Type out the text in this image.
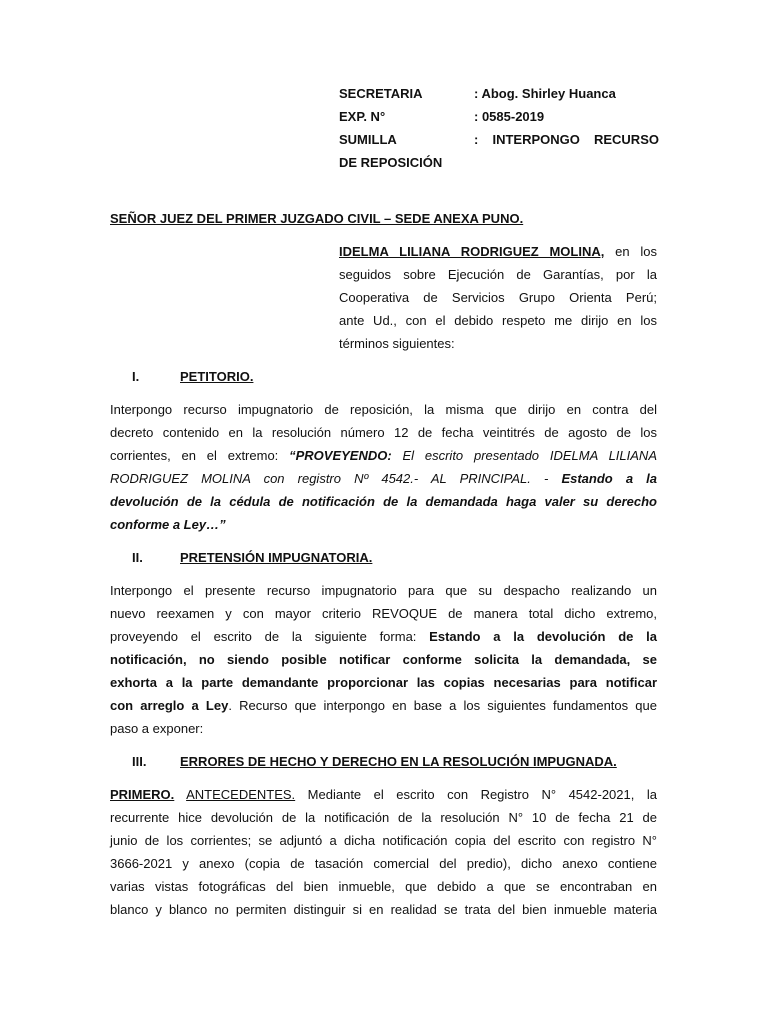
SECRETARIA	: Abog. Shirley Huanca
EXP. N°	: 0585-2019
SUMILLA	: INTERPONGO RECURSO
DE REPOSICIÓN
SEÑOR JUEZ DEL PRIMER JUZGADO CIVIL – SEDE ANEXA PUNO.
IDELMA LILIANA RODRIGUEZ MOLINA, en los
seguidos sobre Ejecución de Garantías, por la
Cooperativa de Servicios Grupo Orienta Perú;
ante Ud., con el debido respeto me dirijo en los
términos siguientes:
I.	PETITORIO.
Interpongo recurso impugnatorio de reposición, la misma que dirijo en contra del
decreto contenido en la resolución número 12 de fecha veintitrés de agosto de los
corrientes, en el extremo: “PROVEYENDO: El escrito presentado IDELMA LILIANA
RODRIGUEZ MOLINA con registro Nº 4542.- AL PRINCIPAL. - Estando a la
devolución de la cédula de notificación de la demandada haga valer su derecho
conforme a Ley…”
II.	PRETENSIÓN IMPUGNATORIA.
Interpongo el presente recurso impugnatorio para que su despacho realizando un
nuevo reexamen y con mayor criterio REVOQUE de manera total dicho extremo,
proveyendo el escrito de la siguiente forma: Estando a la devolución de la
notificación, no siendo posible notificar conforme solicita la demandada, se
exhorta a la parte demandante proporcionar las copias necesarias para notificar
con arreglo a Ley. Recurso que interpongo en base a los siguientes fundamentos que
paso a exponer:
III.	ERRORES DE HECHO Y DERECHO EN LA RESOLUCIÓN IMPUGNADA.
PRIMERO. ANTECEDENTES. Mediante el escrito con Registro N° 4542-2021, la
recurrente hice devolución de la notificación de la resolución N° 10 de fecha 21 de
junio de los corrientes; se adjuntó a dicha notificación copia del escrito con registro N°
3666-2021 y anexo (copia de tasación comercial del predio), dicho anexo contiene
varias vistas fotográficas del bien inmueble, que debido a que se encontraban en
blanco y blanco no permiten distinguir si en realidad se trata del bien inmueble materia
